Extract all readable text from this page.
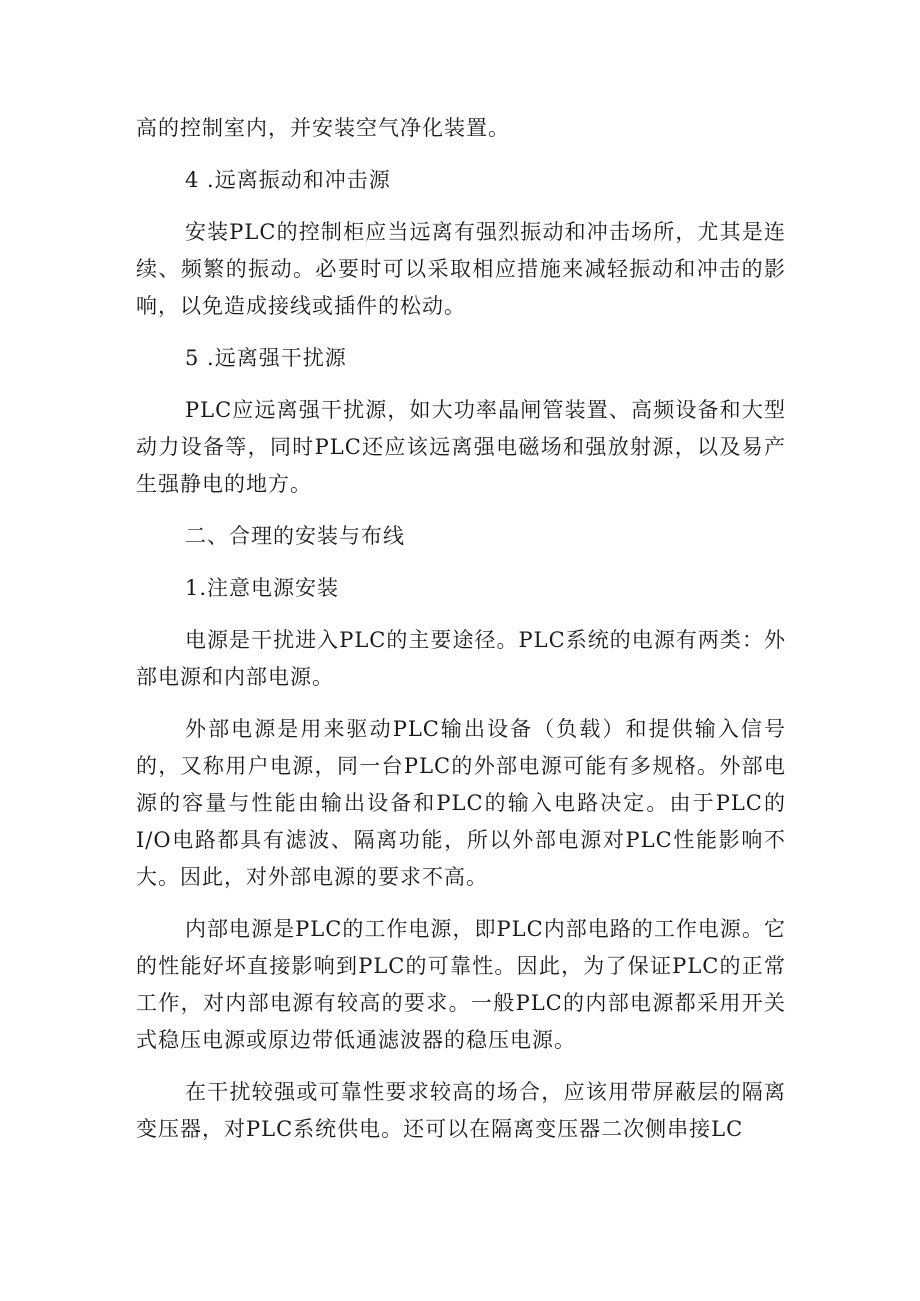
高的控制室内，并安装空气净化装置。

4 .远离振动和冲击源

安装PLC的控制柜应当远离有强烈振动和冲击场所，尤其是连续、频繁的振动。必要时可以采取相应措施来减轻振动和冲击的影响，以免造成接线或插件的松动。

5 .远离强干扰源

PLC应远离强干扰源，如大功率晶闸管装置、高频设备和大型动力设备等，同时PLC还应该远离强电磁场和强放射源，以及易产生强静电的地方。

二、合理的安装与布线

1.注意电源安装

电源是干扰进入PLC的主要途径。PLC系统的电源有两类：外部电源和内部电源。

外部电源是用来驱动PLC输出设备（负载）和提供输入信号的，又称用户电源，同一台PLC的外部电源可能有多规格。外部电源的容量与性能由输出设备和PLC的输入电路决定。由于PLC的I/O电路都具有滤波、隔离功能，所以外部电源对PLC性能影响不大。因此，对外部电源的要求不高。

内部电源是PLC的工作电源，即PLC内部电路的工作电源。它的性能好坏直接影响到PLC的可靠性。因此，为了保证PLC的正常工作，对内部电源有较高的要求。一般PLC的内部电源都采用开关式稳压电源或原边带低通滤波器的稳压电源。

在干扰较强或可靠性要求较高的场合，应该用带屏蔽层的隔离变压器，对PLC系统供电。还可以在隔离变压器二次侧串接LC
